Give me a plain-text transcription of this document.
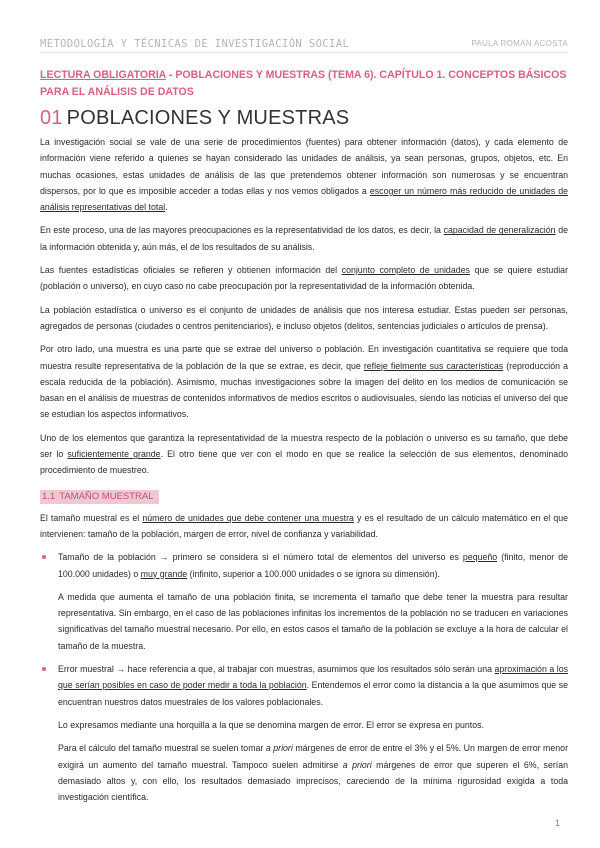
METODOLOGÍA Y TÉCNICAS DE INVESTIGACIÓN SOCIAL	PAULA ROMÁN ACOSTA

LECTURA OBLIGATORIA - POBLACIONES Y MUESTRAS (TEMA 6). CAPÍTULO 1. CONCEPTOS BÁSICOS PARA EL ANÁLISIS DE DATOS

01 POBLACIONES Y MUESTRAS

La investigación social se vale de una serie de procedimientos (fuentes) para obtener información (datos), y cada elemento de información viene referido a quienes se hayan considerado las unidades de análisis, ya sean personas, grupos, objetos, etc. En muchas ocasiones, estas unidades de análisis de las que pretendemos obtener información son numerosas y se encuentran dispersos, por lo que es imposible acceder a todas ellas y nos vemos obligados a escoger un número más reducido de unidades de análisis representativas del total.

En este proceso, una de las mayores preocupaciones es la representatividad de los datos, es decir, la capacidad de generalización de la información obtenida y, aún más, el de los resultados de su análisis.

Las fuentes estadísticas oficiales se refieren y obtienen información del conjunto completo de unidades que se quiere estudiar (población o universo), en cuyo caso no cabe preocupación por la representatividad de la información obtenida.

La población estadística o universo es el conjunto de unidades de análisis que nos interesa estudiar. Estas pueden ser personas, agregados de personas (ciudades o centros penitenciarios), e incluso objetos (delitos, sentencias judiciales o artículos de prensa).

Por otro lado, una muestra es una parte que se extrae del universo o población. En investigación cuantitativa se requiere que toda muestra resulte representativa de la población de la que se extrae, es decir, que refleje fielmente sus características (reproducción a escala reducida de la población). Asimismo, muchas investigaciones sobre la imagen del delito en los medios de comunicación se basan en el análisis de muestras de contenidos informativos de medios escritos o audiovisuales, siendo las noticias el universo del que se estudian los aspectos informativos.

Uno de los elementos que garantiza la representatividad de la muestra respecto de la población o universo es su tamaño, que debe ser lo suficientemente grande. El otro tiene que ver con el modo en que se realice la selección de sus elementos, denominado procedimiento de muestreo.

1.1 TAMAÑO MUESTRAL

El tamaño muestral es el número de unidades que debe contener una muestra y es el resultado de un cálculo matemático en el que intervienen: tamaño de la población, margen de error, nivel de confianza y variabilidad.

Tamaño de la población → primero se considera si el número total de elementos del universo es pequeño (finito, menor de 100.000 unidades) o muy grande (infinito, superior a 100.000 unidades o se ignora su dimensión).

A medida que aumenta el tamaño de una población finita, se incrementa el tamaño que debe tener la muestra para resultar representativa. Sin embargo, en el caso de las poblaciones infinitas los incrementos de la población no se traducen en variaciones significativas del tamaño muestral necesario. Por ello, en estos casos el tamaño de la población se excluye a la hora de calcular el tamaño de la muestra.

Error muestral → hace referencia a que, al trabajar con muestras, asumimos que los resultados sólo serán una aproximación a los que serían posibles en caso de poder medir a toda la población. Entendemos el error como la distancia a la que asumimos que se encuentran nuestros datos muestrales de los valores poblacionales.

Lo expresamos mediante una horquilla a la que se denomina margen de error. El error se expresa en puntos.

Para el cálculo del tamaño muestral se suelen tomar a priori márgenes de error de entre el 3% y el 5%. Un margen de error menor exigirá un aumento del tamaño muestral. Tampoco suelen admitirse a priori márgenes de error que superen el 6%, serían demasiado altos y, con ello, los resultados demasiado imprecisos, careciendo de la mínima rigurosidad exigida a toda investigación científica.

1
